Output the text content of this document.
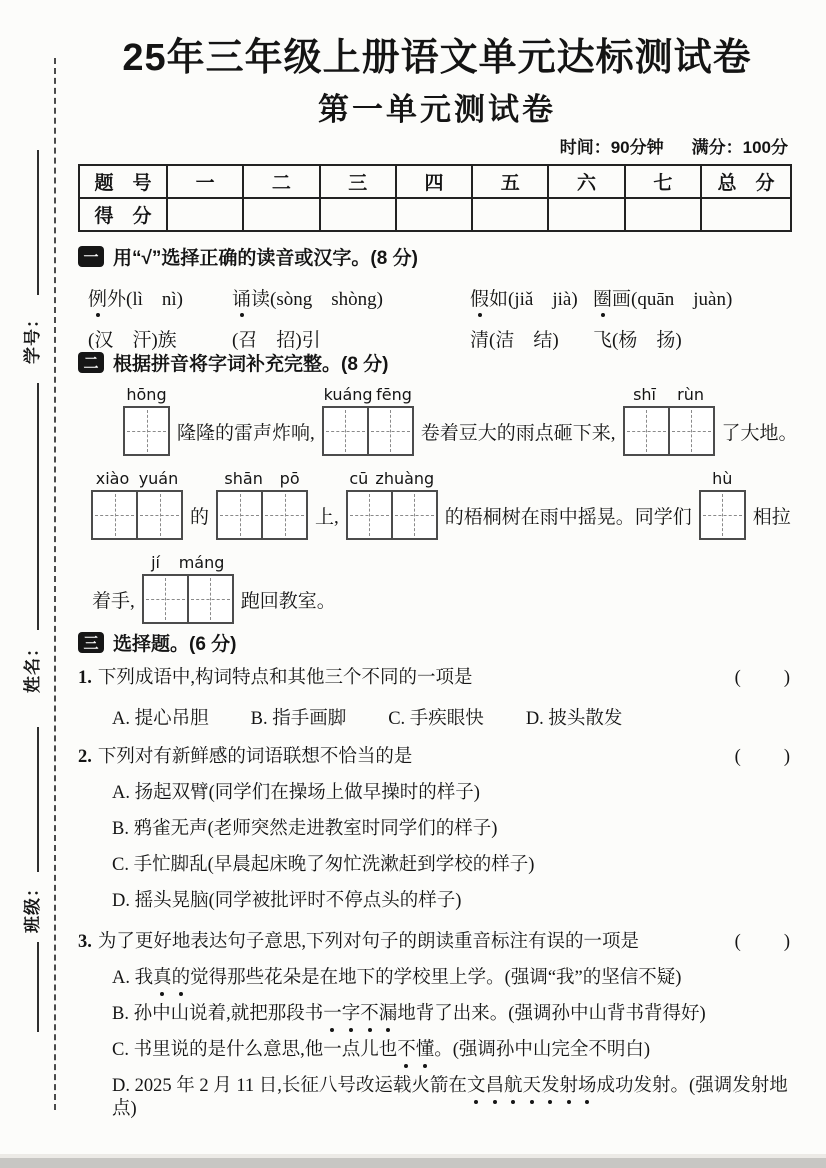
学号：
姓名：
班级：
25年三年级上册语文单元达标测试卷
第一单元测试卷
时间：90分钟 满分：100分
题　号	一	二	三	四	五	六	七	总　分
得　分								
一 用“√”选择正确的读音或汉字。(8 分)
例外(lì　nì)	诵读(sòng　shòng)	假如(jiǎ　jià) 圈画(quān　juàn)
(汉　汗)族	(召　招)引	清(洁　结)	飞(杨　扬)
二 根据拼音将字词补充完整。(8 分)
hōng
隆隆的雷声炸响,
kuáng fēng
卷着豆大的雨点砸下来,
shī rùn
了大地。
xiào yuán
的
shān pō
上,
cū zhuàng
的梧桐树在雨中摇晃。同学们
hù
相拉
着手,
jí máng
跑回教室。
三 选择题。(6 分)
1. 下列成语中,构词特点和其他三个不同的一项是	(　　)
A. 提心吊胆 B. 指手画脚 C. 手疾眼快 D. 披头散发
2. 下列对有新鲜感的词语联想不恰当的是	(　　)
A. 扬起双臂(同学们在操场上做早操时的样子)
B. 鸦雀无声(老师突然走进教室时同学们的样子)
C. 手忙脚乱(早晨起床晚了匆忙洗漱赶到学校的样子)
D. 摇头晃脑(同学被批评时不停点头的样子)
3. 为了更好地表达句子意思,下列对句子的朗读重音标注有误的一项是	(　　)
A. 我真的觉得那些花朵是在地下的学校里上学。(强调“我”的坚信不疑)
B. 孙中山说着,就把那段书一字不漏地背了出来。(强调孙中山背书背得好)
C. 书里说的是什么意思,他一点儿也不懂。(强调孙中山完全不明白)
D. 2025 年 2 月 11 日,长征八号改运载火箭在文昌航天发射场成功发射。(强调发射地点)
